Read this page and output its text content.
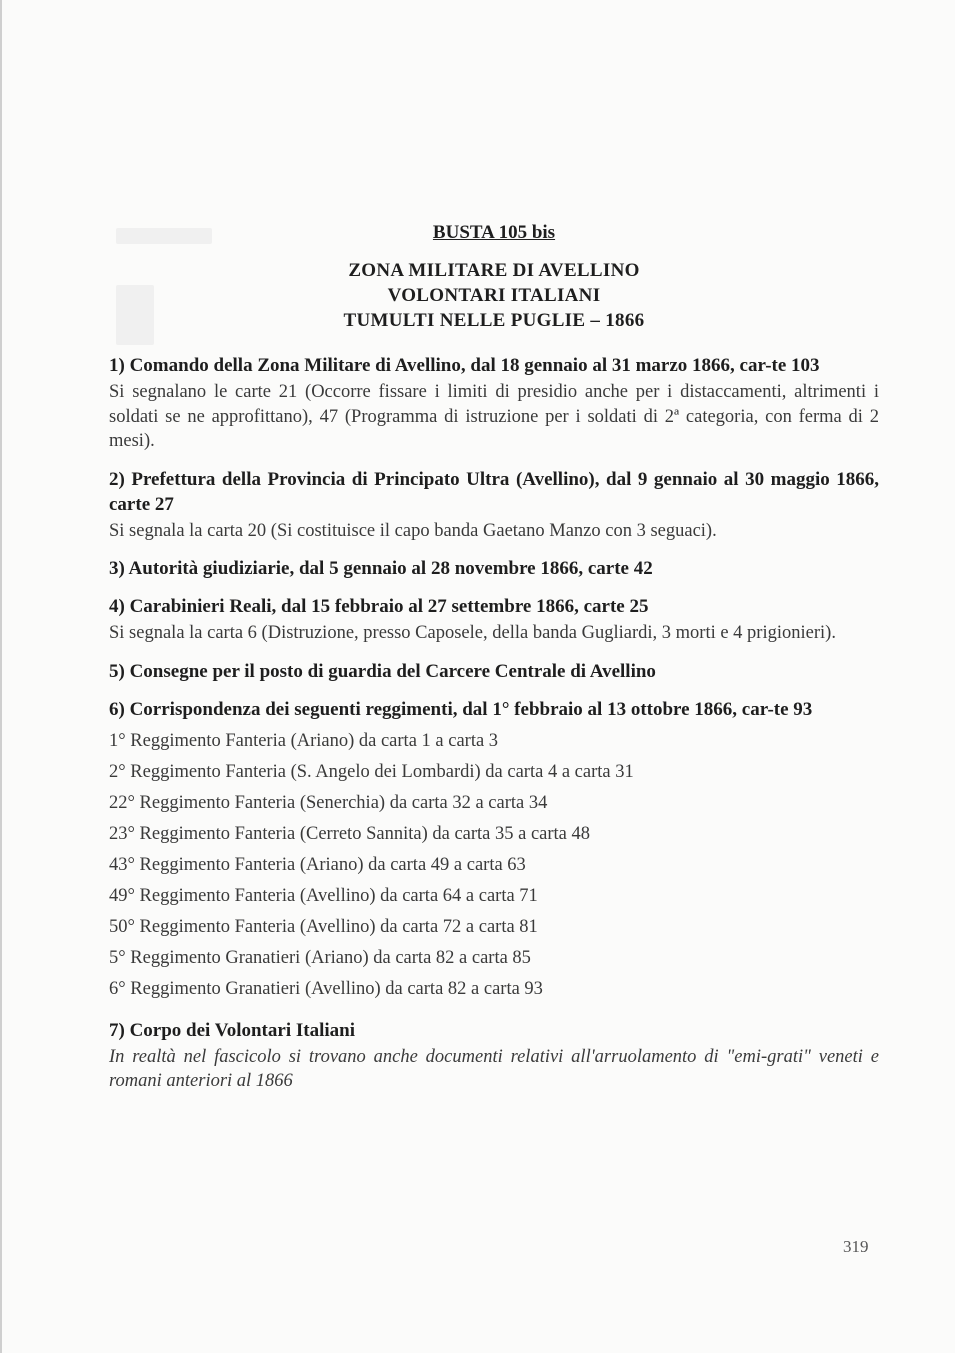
BUSTA 105 bis
ZONA MILITARE DI AVELLINO
VOLONTARI ITALIANI
TUMULTI NELLE PUGLIE – 1866

1) Comando della Zona Militare di Avellino, dal 18 gennaio al 31 marzo 1866, car-te 103

Si segnalano le carte 21 (Occorre fissare i limiti di presidio anche per i distaccamenti, altrimenti i soldati se ne approfittano), 47 (Programma di istruzione per i soldati di 2ª categoria, con ferma di 2 mesi).

2) Prefettura della Provincia di Principato Ultra (Avellino), dal 9 gennaio al 30 maggio 1866, carte 27

Si segnala la carta 20 (Si costituisce il capo banda Gaetano Manzo con 3 seguaci).

3) Autorità giudiziarie, dal 5 gennaio al 28 novembre 1866, carte 42

4) Carabinieri Reali, dal 15 febbraio al 27 settembre 1866, carte 25

Si segnala la carta 6 (Distruzione, presso Caposele, della banda Gugliardi, 3 morti e 4 prigionieri).

5) Consegne per il posto di guardia del Carcere Centrale di Avellino

6) Corrispondenza dei seguenti reggimenti, dal 1° febbraio al 13 ottobre 1866, car-te 93

1° Reggimento Fanteria (Ariano) da carta 1 a carta 3
2° Reggimento Fanteria (S. Angelo dei Lombardi) da carta 4 a carta 31
22° Reggimento Fanteria (Senerchia) da carta 32 a carta 34
23° Reggimento Fanteria (Cerreto Sannita) da carta 35 a carta 48
43° Reggimento Fanteria (Ariano) da carta 49 a carta 63
49° Reggimento Fanteria (Avellino) da carta 64 a carta 71
50° Reggimento Fanteria (Avellino) da carta 72 a carta 81
5° Reggimento Granatieri (Ariano) da carta 82 a carta 85
6° Reggimento Granatieri (Avellino) da carta 82 a carta 93

7) Corpo dei Volontari Italiani

In realtà nel fascicolo si trovano anche documenti relativi all'arruolamento di "emi-grati" veneti e romani anteriori al 1866

319
